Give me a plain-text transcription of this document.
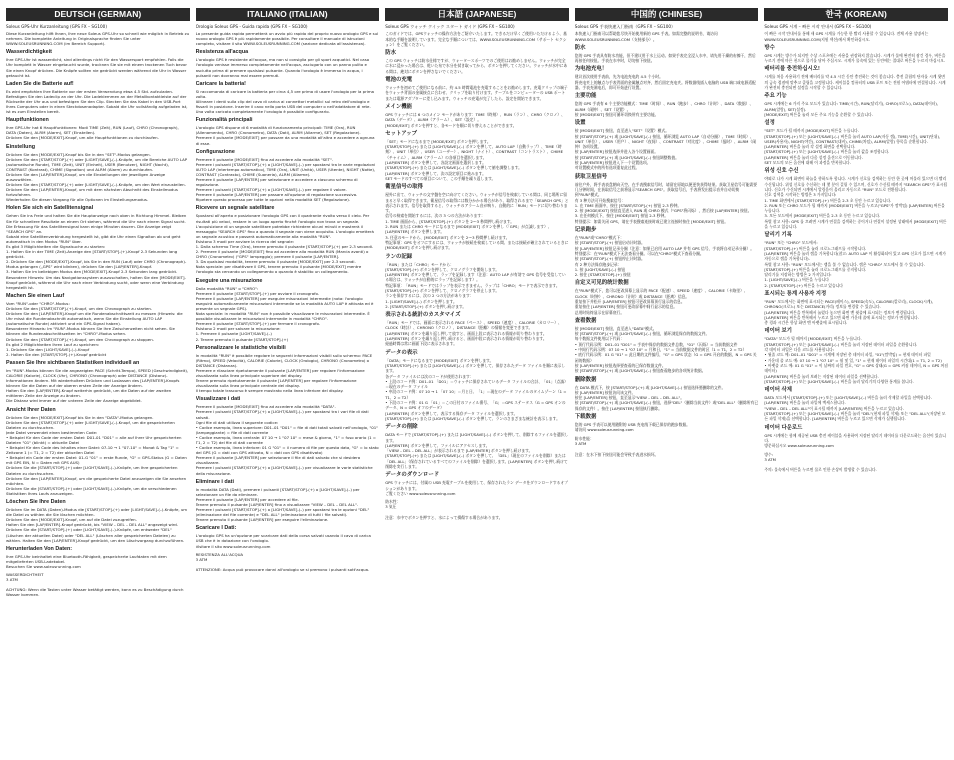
DEUTSCH (GERMAN)
Soleus GPS-Uhr Kurzanleitung (GPS FX – SG100)
Diese Kurzanleitung hilft Ihnen, Ihre neue Soleus GPS-Uhr so schnell wie möglich in Betrieb zu nehmen. Die komplette Anleitung in Originalsprache finden Sie unter WWW.SOLEUSRUNNING.COM (im Bereich Support).
Wasserdichtigkeit
Ihre GPS-Uhr ist wasserdicht, sind allerdings nicht für den Wassersport empfohlen. Falls die Uhr komplett in Wasser eingetaucht wurde, trocknen Sie sie mit einem trockenen Tuch bevor Sie einen Knopf drücken. Die Knöpfe sollten nie gedrückt werden während die Uhr in Wasser getaucht ist.
Laden Sie die Batterie auf!
Es wird empfohlen Ihre Batterie vor der ersten Verwendung etwa 4.5 Std. aufzuladen. Befestigen Sie den Ladeclip an der Uhr. Die Ladeklemmen an der Metallkontaktleiste auf der Rückseite der Uhr aus und befestigen Sie den Clip. Stecken Sie das Kabel in den USB-Port Ihres Computers oder in einen Steckdosenadapter. Sobald die Uhr vollständig aufgeladen ist, ist es zum Einstellen bereit.
Hauptfunktionen
Ihre GPS-Uhr hat 6 Hauptfunktionen: Modi TIME (Zeit), RUN (Lauf), CHRO (Chronograph), DATA (Daten), ALRM (Alarm), SET (Einstellen).
Drücken Sie den [MODE/EXIT]-Knopf, um alle Hauptfunktionen zu durchlaufen.
Einstellung
Drücken Sie den [MODE/EXIT]-Knopf bis Sie in den "SET"-Modus gelangen.
Drücken Sie den [START/STOP]-(+) oder [LIGHT/SAVE]-(–)-Knöpfe, um die Bereiche AUTO LAP (automatische Runde), TIME (Zeit), UNIT (Einheit), USER (Benutzer), NIGHT (Nacht), CONTRAST (Kontrast), CHIME (Signalton) und ALRM (Alarm) zu durchlaufen.
Drücken Sie den [LAP/ENTER]-Knopf, um die Einstellungen der jeweiligen Anzeige auszuwählen.
Drücken Sie den [START/STOP]-(+) oder [LIGHT/SAVE]-(–)-Knöpfe, um den Wert einzustellen.
Drücken Sie den [LAP/ENTER]-Knopf, um mit dem nächsten Abschnitt des Einstellmodus fortzufahren.
Wiederholen Sie diesen Vorgang für alle Optionen im Einstellungsmodus.
Holen Sie sich ein Satellitensignal
Gehen Sie ins Freie und halten Sie die Hauptanzeige nach oben in Richtung Himmel. Bleiben Sie für schnellere Resultate an einem Ort stehen, während die Uhr nach einem Signal sucht. Die Erfassung für das Satellitensignal kann einige Minuten dauern. Die Anzeige zeigt ''SEARCH GPS'' an.
Sobald eine Satellitenverbindung hergestellt ist, gibt die Uhr einen Signalton ab und geht automatisch in den Modus "RUN" über.
Es gibt 3 Möglichkeiten die Signalsuche zu starten:
1. Halten Sie in der TIME (Zeit)-Anzeige den [START/STOP]-(+)-Knopf 2-3 Sekunden lang gedrückt.
2. Drücken Sie den [MODE/EXIT]-Knopf, bis Sie in den RUN (Lauf) oder CHRO (Chronograph)-Modus gelangen („GPS“ wird blinken), drücken Sie den [LAP/ENTER]-Knopf.
3. Halten Sie im beliebigen Modus den [MODE/EXIT]-Knopf 2-3 Sekunden lang gedrückt.
Besondere Hinweis: Um das Navigationssystem auszuschalten, halten Sie den [MODE/EXIT]-Knopf gedrückt, während die Uhr nach einer Verbindung sucht, oder wenn eine Verbindung hergestellt ist.
Machen Sie einen Lauf
Vom "RUN"-oder "CHRO"-Modus:
Drücken Sie den [START/STOP]-(+)-Knopf, um den Chronograph zu starten.
Drücken Sie den [LAP/ENTER]-Knopf um die Rundenabschnittszeit zu messen (Hinweis: die Uhr misst die Rundenabschnitt automatisch, wenn Sie die Einstellung AUTO LAP (automatische Runde) aktiviert und ein GPS-Signal haben).
Besonderer Hinweis: Im "RUN"-Modus können Sie Ihre Zwischenzeiten nicht sehen. Sie können die Rundenabschnittszeiten im "CHRO"-Modus sehen.
Drücken Sie den [START/STOP]-(+)-Knopf, um den Chronograph zu stoppen.
Es gibt 2 Möglichkeiten Ihren Lauf zu speichern:
1. Drücken Sie den [LIGHT/SAVE]-(–)-Knopf
2. Halten Sie den [START/STOP]-(+)-Knopf gedrückt
Passen Sie Ihre sichtbaren Statistiken individuell an
Im "RUN"-Modus können Sie die angezeigten PACE (Schritt-Tempo), SPEED (Geschwindigkeit), CALORIE (Kalorie), CLOCK (Uhr), CHRONO (Chronograph) oder DISTANCE (Distanz)-Informationen ändern. Mit wiederholtem Drücken und Loslassen des [LAP/ENTER]-Knopfs können Sie die Daten auf der oberen ersten Zeile der Anzeige ändern.
Halten Sie den [LAP/ENTER]-Knopf weiterhin gedrückt, um die Daten auf der zweiten mittleren Zeile der Anzeige zu ändern.
Die Distanz wird immer auf der unteren Zeile der Anzeige abgebildet.
Ansicht Ihrer Daten
Drücken Sie den [MODE/EXIT]-Knopf bis Sie in den "DATA"-Modus gelangen.
Drücken Sie den [START/STOP]-(+) oder [LIGHT/SAVE]-(–)-Knopf, um die gespeicherten Dateien zu durchsuchen.
Jede Datei verwendet einen bestimmten Code:
• Beispiel für den Code der ersten Datei: D01-01 "D01" = alle auf Ihrer Uhr gespeicherten Dateien "01" (blinkt) = aktuelle Datei
• Beispiel für den Code des Inhaltes einer Datei: 07-10 → 1 "07-10" = Monat & Tag "1" = Zeitzone 1 (= T1, 2 = T2) der aktuellen Datei
• Beispiel ein Code der ersten Datei: 01-G "01" = erste Runde, "G" = GPS-Status (G = Daten mit GPS EIN, N = Daten mit GPS AUS)
Drücken Sie die [START/STOP]-(+) oder [LIGHT/SAVE]-(–)-Knöpfe, um Ihre gespeicherten Dateien zu durchsuchen.
Drücken Sie den [LAP/ENTER]-Knopf, um die gespeicherte Datei anzuzeigen die Sie ansehen möchten.
Drücken Sie die [START/STOP]-(+) oder [LIGHT/SAVE]-(–)-Knöpfe, um die verschiedenen Statistiken Ihres Laufs anzuzeigen.
Löschen Sie Ihre Daten
Drücken Sie im DATA (Daten)-Modus die [START/STOP]-(+) oder [LIGHT/SAVE]-(–)-Knöpfe, um die Datei zu wählen die Sie löschen möchten.
Drücken Sie den [MODE/EXIT]-Knopf, um auf die Datei zuzugreifen.
Halten Sie den [LAP/ENTER]-Knopf gedrückt, bis "VIEW – DEL – DEL ALL" angezeigt wird.
Drücken Sie die [START/STOP]-(+) oder [LIGHT/SAVE]-(–)-Knöpfe, um entweder "DEL" (Löschen der aktuellen Datei) oder "DEL ALL" (Löschen aller gespeicherten Dateien) zu wählen. Halten Sie den [LAP/ENTER]-Knopf gedrückt, um den Löschvorgang durchzuführen.
Herunterladen Von Daten:
Ihre GPS-Uhr beinhaltet eine Bluetooth-Fähigkeit, gespeicherte Laufdaten mit dem mitgelieferten USB-Ladekabel.
Besuchen Sie www.soleusrunning.com
WASSERDICHTHEIT
3 ATM

ACHTUNG: Wenn die Tasten unter Wasser betätigt werden, kann es zu Beschädigung durch Wasser kommen.
ITALIANO (ITALIAN)
Orologio Soleus GPS - Guida rapida (GPS FX – SG100)
La presente guida rapida permetterà un avvio più rapido del proprio nuovo orologio GPS e sul nuovo orologio GPS è più rapidamente possibile. Per consultare il manuale di istruzioni completo, visitare il sito WWW.SOLEUSRUNNING.COM (sezione dedicata all'assistenza).
Resistenza all'acqua
L'orologio GPS è resistente all'acqua, ma non si consiglia per gli sport acquatici. Nel caso l'orologio venisse immerso completamente nell'acqua, asciugarlo con un panno pulito e asciutto prima di premere qualsiasi pulsante. Quando l'orologio è immerso in acqua, i pulsanti non dovranno mai essere premuti.
Caricare la batteria!
Si raccomanda di caricare la batteria per circa 4,5 ore prima di usare l'orologio per la prima volta.
Allineare i denti sulla clip del cavo di carica ai connettori metallici sul retro dell'orologio e fissarli in posizione. Inserire il cavo nella porta USB del computer o nell'adattatore di rete. Una volta caricato completamente l'orologio è possibile configurarlo.
Funzionalità principali
L'orologio GPS dispone di 6 modalità di funzionamento principali: TIME (Ora), RUN (Allenamento), CHRO (Cronometro), DATA (Dati), ALRM (Allarme), SET (Regolazione).
Premere il pulsante [MODE/EXIT] per passare da una modalità all'altra e accedere a ognuna di esse.
Configurazione
Premere il pulsante [MODE/EXIT] fino ad accedere alla modalità "SET".
Premere i pulsanti [START/STOP]-(+) o [LIGHT/SAVE]-(–) per spostarsi tra le varie regolazioni AUTO LAP (intertempo automatico), TIME (Ora), UNIT (Unità), USER (Utente), NIGHT (Notte), CONTRAST (Contrasto), CHIME (Suoneria), ALRM (Allarme).
Premere il pulsante [LAP/ENTER] per selezionare e accedere a ciascuno schermo di regolazione.
Premere i pulsanti [START/STOP]-(+) o [LIGHT/SAVE]-(–) per regolare il valore.
Premere il pulsante [LAP/ENTER] per passare all'opzione di regolazione successiva.
Ripetere questo processo per tutte le opzioni nella modalità SET (Regolazione).
Ricevere un segnale satellitare
Spostarsi all'aperto e posizionare l'orologio GPS con il quadrante rivolto verso il cielo. Per risultati più veloci, restare in un luogo aperto finché l'orologio non trova un segnale. L'acquisizione di un segnale satellitare potrebbe richiedere alcuni minuti e mostrerà il messaggio "SEARCH GPS" fino a quando il segnale non viene acquisito. L'orologio emetterà un segnale acustico e passerà automaticamente alla modalità "RUN".
Esistono 3 modi per avviare la ricerca del segnale:
1. Dalla schermo Time (Ora), tenere premuto il pulsante [START/STOP]-(+) per 2-3 secondi.
2. Premere il pulsante [MODE/EXIT] fino ad accedere alla modalità RUN (Marcia avanti) o CHRO (Cronometro) ("GPS" lampeggia); premere il pulsante [LAP/ENTER].
3. Da qualsiasi modalità, tenere premuto il pulsante [MODE/EXIT] per 2-3 secondi.
Nota speciale: per disattivare il GPS, tenere premuto il pulsante [MODE/EXIT] mentre l'orologio sta cercando un collegamento o quando è stabilito un collegamento.
Eseguire una misurazione
Dalla modalità "RUN" o "CHRO":
Premere il pulsante [START/STOP]-(+) per avviare il cronografo.
Premere il pulsante [LAP/ENTER] per eseguire misurazioni intermedie (nota: l'orologio eseguirà automaticamente misurazioni intermedie se la modalità AUTO LAP è attivata ed è presente un segnale GPS).
Nota speciale: in modalità "RUN" non è possibile visualizzare le misurazioni intermedie. È possibile visualizzare le misurazioni intermedie in modalità "CHRO".
Premere il pulsante [START/STOP]-(+) per fermare il cronografo.
Esistono 2 modi per salvare la misurazione:
1. Premere il pulsante [LIGHT/SAVE]-(–)
2. Tenere premuto il pulsante [START/STOP]-(+)
Personalizzare le statistiche visibili
In modalità "RUN" è possibile regolare le seguenti informazioni visibili sullo schermo: PACE (Ritmo), SPEED (Velocità), CALORIE (Calorie), CLOCK (Orologio), CHRONO (Cronometro) o DISTANCE (Distanza).
Premere e rilasciare ripetutamente il pulsante [LAP/ENTER] per regolare l'informazione visualizzata sulla linea principale superiore del display.
Tenere premuto ripetutamente il pulsante [LAP/ENTER] per regolare l'informazione visualizzata sulla linea principale centrale del display.
Il tempo totale trascorso è sempre mostrato nella linea inferiore del display.
Visualizzare i dati
Premere il pulsante [MODE/EXIT] fino ad accedere alla modalità "DATA".
Premere i pulsanti [START/STOP]-(+) o [LIGHT/SAVE]-(–) per spostarsi tra i vari file di dati salvati.
Ogni file di dati utilizza il seguente codice:
• Codice esempio, linea superiore: D01–01 "D01" = file di dati totali salvati nell'orologio, "01" (lampeggiante) = file di dati corrente
• Codice esempio, linea centrale: 07 10 → 1 "07 10" = mese & giorno, "1" = fuso orario (1 = T1, 2 = T2) del file di dati corrente
• Codice esempio, linea inferiore: 01 G "01" = il numero di file per questa data, "G" = lo stato del GPS (G = dati con GPS attivato, N = dati con GPS disattivato)
Premere il pulsante [LAP/ENTER] per selezionare il file di dati salvato che si desidera visualizzare.
Premere i pulsanti [START/STOP]-(+) o [LIGHT/SAVE]-(–) per visualizzare le varie statistiche della misurazione.
Eliminare i dati
In modalità DATA (Dati), premere i pulsanti [START/STOP]-(+) o [LIGHT/SAVE]-(–) per selezionare un file da eliminare.
Premere il pulsante [LAP/ENTER] per accedere al file.
Tenere premuto il pulsante [LAP/ENTER] fino a visualizzare "VIEW – DEL – DEL ALL".
Premere i pulsanti [START/STOP]-(+) o [LIGHT/SAVE]-(–) per spostarsi tra le opzioni "DEL" (eliminazione del file corrente) e "DEL ALL" (eliminazione di tutti i file salvati).
Tenere premuto il pulsante [LAP/ENTER] per eseguire l'eliminazione.
Scaricare I Dati:
L'orologio GPS ha un'opzione per scaricare dati della corsa salvati usando il cavo di carica USB che è in dotazione con l'orologio.
Visitare il sito www.soleusrunning.com
RESISTENZA ALL'ACQUA
3 ATM

ATTENZIONE: Acqua può provocare danni all'orologio se si premono i pulsanti sott'acqua.
日本語 (JAPANESE)
Soleus GPS ウォッチ クイック スタート ガイド (GPS FX – SG100)
このガイドでは、GPSウォッチの操作方法をご紹介いたします。できるだけ早くご使用いただけるよう、基本的な手順を説明しています。完全な手順については、WWW.SOLEUSRUNNING.COM（サポート セクション）をご覧ください。
防水
この GPS ウォッチは防水仕様ですが、ウォータースポーツでのご使用はお勧めしません。ウォッチが完全に水に浸かった場合は、乾いた布で水分を拭き取ってから、ボタンを押してください。ウォッチが水中にある間は、絶対にボタンを押さないでください。
電池の充電
ウォッチを初めてご使用になる前に、約 4.5 時間電池を充電することをお勧めします。充電クリップの端子をウォッチ背面の金属接点に合わせ、クリップを取り付けます。ケーブルをコンピューターの USB ポートまたは電源アダプターに差し込みます。ウォッチの充電が完了したら、設定を開始できます。
メイン機能
GPS ウォッチには 6 つのメイン モードがあります：TIME（時刻）、RUN（ラン）、CHRO（クロノ）、DATA（データ）、ALRM（アラーム）、SET（設定）。
[MODE/EXIT] ボタンを押すと、各モードを順に切り替えることができます。
セットアップ
「SET」モードになるまで [MODE/EXIT] ボタンを押します。
[START/STOP]-(+) または [LIGHT/SAVE]-(–) ボタンを押して、AUTO LAP（自動ラップ）、TIME（時刻）、UNIT（単位）、USER（ユーザー）、NIGHT（ナイト）、CONTRAST（コントラスト）、CHIME（チャイム）、ALRM（アラーム）の各項目を選択します。
[LAP/ENTER] ボタンを押して、各設定画面を選択します。
[START/STOP]-(+) または [LIGHT/SAVE]-(–) ボタンを押して値を調整します。
[LAP/ENTER] ボタンを押して、次の設定項目に進みます。
SET モードのすべての項目について、この手順を繰り返します。
衛星信号の取得
屋外に出て、ウォッチの文字盤を空に向けてください。ウォッチが信号を検索している間は、同じ場所に留まると早く取得できます。衛星信号の取得には数分かかる場合があり、取得されるまで「SEARCH GPS」と表示されます。信号を取得すると、ウォッチのアラーム音が鳴り、自動的に「RUN」モードに切り替わります。
信号の検索を開始するには、次の 3 つの方法があります：
1. TIME 画面から、[START/STOP]-(+) ボタンを 2〜3 秒間押し続けます。
2. RUN または CHRO モードになるまで [MODE/EXIT] ボタンを押し（「GPS」が点滅します）、[LAP/ENTER] ボタンを押します。
3. 任意のモードから、[MODE/EXIT] ボタンを 2〜3 秒間押し続けます。
特記事項：GPS をオフにするには、ウォッチが接続を検索している間、または接続が確立されているときに [MODE/EXIT] ボタンを押し続けます。
ランの記録
「RUN」または「CHRO」モードから：
[START/STOP]-(+) ボタンを押して、クロノグラフを開始します。
[LAP/ENTER] ボタンを押して、ラップを記録します（注意：AUTO LAP が有効で GPS 信号を受信している場合は、ウォッチが自動的にラップを記録します）。
特記事項：「RUN」モードではラップを表示できません。ラップは「CHRO」モードで表示できます。
[START/STOP]-(+) ボタンを押して、クロノグラフを停止します。
ランを保存するには、次の 2 つの方法があります：
1. [LIGHT/SAVE]-(–) ボタンを押します。
2. [START/STOP]-(+) ボタンを押し続けます。
表示される統計のカスタマイズ
「RUN」モードでは、画面に表示される PACE（ペース）、SPEED（速度）、CALORIE（カロリー）、CLOCK（時計）、CHRONO（クロノ）、DISTANCE（距離）の情報を変更できます。
[LAP/ENTER] ボタンを繰り返し押して放すと、画面上段に表示される情報が切り替わります。
[LAP/ENTER] ボタンを繰り返し押し続けると、画面中段に表示される情報が切り替わります。
経過時間は常に画面下段に表示されます。
データの表示
「DATA」モードになるまで [MODE/EXIT] ボタンを押します。
[START/STOP]-(+) または [LIGHT/SAVE]-(–) ボタンを押して、保存されたデータ ファイルを順に表示します。
各データ ファイルには次のコードが使用されます：
• 上段のコード例：D01–01 「D01」＝ウォッチに保存されているデータ ファイルの合計、「01」（点滅）＝現在のデータ ファイル
• 中段のコード例：07 10 → 1 「07 10」＝月と日、「1」＝現在のデータ ファイルのタイムゾーン（1 = T1、2 = T2）
• 下段のコード例：01 G 「01」＝この日付のファイル番号、「G」＝GPS ステータス（G = GPS オンのデータ、N = GPS オフのデータ）
[LAP/ENTER] ボタンを押して、表示する保存データ ファイルを選択します。
[START/STOP]-(+) または [LIGHT/SAVE]-(–) ボタンを押して、ランのさまざまな統計を表示します。
データの削除
DATA モードで [START/STOP]-(+) または [LIGHT/SAVE]-(–) ボタンを押して、削除するファイルを選択します。
[LAP/ENTER] ボタンを押して、ファイルにアクセスします。
「VIEW – DEL – DEL ALL」が表示されるまで [LAP/ENTER] ボタンを押し続けます。
[START/STOP]-(+) または [LIGHT/SAVE]-(–) ボタンを押して、「DEL」（現在のファイルを削除）または「DEL ALL」（保存されているすべてのファイルを削除）を選択します。[LAP/ENTER] ボタンを押し続けて削除を実行します。
データのダウンロード
GPS ウォッチには、付属の USB 充電ケーブルを使用して、保存されたラン データをダウンロードするオプションがあります。
ご覧ください www.soleusrunning.com
防水性：
3 気圧

注意：水中でボタンを押すと、水によって損傷する場合があります。
中国的 (CHINESE)
Soleus GPS 手表快速入门指南（GPS FX – SG100）
本快速入门指南可以帮助您尽快开始使用新的 GPS 手表。如需完整的说明书，请访问 WWW.SOLEUSRUNNING.COM（支持部分）。
防水
您的 GPS 手表具有防水功能，但不建议用于水上运动。如果手表完全浸入水中，请先用干燥的布擦干，然后再按任何按钮。手表在水中时，切勿按下按钮。
为电池充电！
建议首次使用手表前，先为电池充电约 4.5 个小时。
将充电夹上的触点与手表背面的金属触点对齐，然后固定充电夹。将数据线插入电脑的 USB 端口或电源适配器。手表充满电后，即可开始进行设置。
主要功能
您的 GPS 手表有 6 个主要功能模式：TIME（时间）、RUN（跑步）、CHRO（计时）、DATA（数据）、ALRM（闹钟）、SET（设置）。
按 [MODE/EXIT] 按钮可循环切换所有主要功能。
设置
按 [MODE/EXIT] 按钮，直至进入"SET"（设置）模式。
按 [START/STOP]-(+) 或 [LIGHT/SAVE]-(–) 按钮，循环浏览 AUTO LAP（自动分圈）、TIME（时间）、UNIT（单位）、USER（用户）、NIGHT（夜间）、CONTRAST（对比度）、CHIME（报时）、ALRM（闹钟）各项设置。
按 [LAP/ENTER] 按钮选择并进入各个设置画面。
按 [START/STOP]-(+) 或 [LIGHT/SAVE]-(–) 按钮调整数值。
按 [LAP/ENTER] 按钮进入下一个设置选项。
对设置模式中的所有选项重复此过程。
获取卫星信号
前往户外，将手表表盘朝向天空。在手表搜索信号时，请留在原地以便更快获得结果。获取卫星信号可能需要几分钟时间，在获取信号之前将显示"SEARCH GPS"。获取信号后，手表将发出提示音并自动切换到"RUN"模式。
有 3 种方法可开始搜索信号：
1. 在 TIME 画面中，按住 [START/STOP]-(+) 按钮 2-3 秒钟。
2. 按 [MODE/EXIT] 按钮直至进入 RUN 或 CHRO 模式（"GPS"将闪烁），然后按 [LAP/ENTER] 按钮。
3. 在任何模式下，按住 [MODE/EXIT] 按钮 2-3 秒钟。
特别提示：如需关闭 GPS，请在手表搜索连接时或已建立连接时按住 [MODE/EXIT] 按钮。
记录跑步
在"RUN"或"CHRO"模式下：
按 [START/STOP]-(+) 按钮启动计时器。
按 [LAP/ENTER] 按钮记录分圈（注意：如果已启用 AUTO LAP 并有 GPS 信号，手表将自动记录分圈）。
特别提示：在"RUN"模式下无法查看分圈。可以在"CHRO"模式下查看分圈。
按 [START/STOP]-(+) 按钮停止计时器。
有 2 种方法保存跑步记录：
1. 按 [LIGHT/SAVE]-(–) 按钮
2. 按住 [START/STOP]-(+) 按钮
自定义可见的统计数据
在"RUN"模式下，您可以更改屏幕上显示的 PACE（配速）、SPEED（速度）、CALORIE（卡路里）、CLOCK（时钟）、CHRONO（计时）或 DISTANCE（距离）信息。
重复按下并松开 [LAP/ENTER] 按钮可更改屏幕顶行显示的信息。
重复按住 [LAP/ENTER] 按钮可更改屏幕中间行显示的信息。
总用时始终显示在屏幕底行。
查看数据
按 [MODE/EXIT] 按钮，直至进入"DATA"模式。
按 [START/STOP]-(+) 或 [LIGHT/SAVE]-(–) 按钮，循环浏览保存的数据文件。
每个数据文件使用以下代码：
• 顶行代码示例：D01–01 "D01" = 手表中保存的数据文件总数，"01"（闪烁）= 当前数据文件
• 中间行代码示例：07 10 → 1 "07 10" = 月和日，"1" = 当前数据文件的时区（1 = T1，2 = T2）
• 底行代码示例：01 G "01" = 此日期的文件编号，"G" = GPS 状态（G = GPS 开启的数据，N = GPS 关闭的数据）
按 [LAP/ENTER] 按钮选择要查看的已保存数据文件。
按 [START/STOP]-(+) 或 [LIGHT/SAVE]-(–) 按钮查看跑步的各项统计数据。
删除数据
在 DATA 模式下，按 [START/STOP]-(+) 或 [LIGHT/SAVE]-(–) 按钮选择要删除的文件。
按 [LAP/ENTER] 按钮访问该文件。
按住 [LAP/ENTER] 按钮，直至显示"VIEW – DEL – DEL ALL"。
按 [START/STOP]-(+) 或 [LIGHT/SAVE]-(–) 按钮，选择"DEL"（删除当前文件）或"DEL ALL"（删除所有已保存的文件）。按住 [LAP/ENTER] 按钮执行删除。
下载数据
您的 GPS 手表可以使用随附的 USB 充电线下载已保存的跑步数据。
请访问 www.soleusrunning.com
防水性能：
3 ATM

注意：在水下按下按钮可能会导致手表进水损坏。
한국 (KOREAN)
Soleus GPS 시계 – 빠른 시작 안내서 (GPS FX – SG100)
이 빠른 시작 안내서를 통해 새 GPS 시계를 가능한 한 빨리 사용할 수 있습니다. 전체 사용 설명서는 WWW.SOLEUSRUNNING.COM(지원 섹션)에서 확인하십시오.
방수
GPS 시계는 방수가 되지만 수상 스포츠에는 사용을 권장하지 않습니다. 시계가 물에 완전히 잠긴 경우, 버튼을 누르기 전에 마른 천으로 물기를 닦아 주십시오. 시계가 물속에 있는 동안에는 절대로 버튼을 누르지 마십시오.
배터리를 충전하십시오!
시계를 처음 사용하기 전에 배터리를 약 4.5 시간 동안 충전하는 것이 좋습니다. 충전 클립의 단자를 시계 뒷면의 금속 접점에 맞추고 클립을 고정합니다. 케이블을 컴퓨터의 USB 포트 또는 전원 어댑터에 연결합니다. 시계가 완전히 충전되면 설정을 시작할 수 있습니다.
주요 기능
GPS 시계에는 6 가지 주요 모드가 있습니다: TIME(시간), RUN(달리기), CHRO(크로노), DATA(데이터), ALRM(알람), SET(설정).
[MODE/EXIT] 버튼을 눌러 모든 주요 기능을 순환할 수 있습니다.
설정
"SET" 모드가 될 때까지 [MODE/EXIT] 버튼을 누릅니다.
[START/STOP]-(+) 또는 [LIGHT/SAVE]-(–) 버튼을 눌러 AUTO LAP(자동 랩), TIME(시간), UNIT(단위), USER(사용자), NIGHT(야간), CONTRAST(대비), CHIME(차임), ALRM(알람) 항목을 순환합니다.
[LAP/ENTER] 버튼을 눌러 각 설정 화면을 선택합니다.
[START/STOP]-(+) 또는 [LIGHT/SAVE]-(–) 버튼을 눌러 값을 조정합니다.
[LAP/ENTER] 버튼을 눌러 다음 설정 옵션으로 이동합니다.
SET 모드의 모든 옵션에 대해 이 과정을 반복합니다.
위성 신호 수신
야외로 나가 시계 화면이 하늘을 향하도록 합니다. 시계가 신호를 검색하는 동안 한 곳에 머물러 있으면 더 빨리 수신됩니다. 위성 신호를 수신하는 데 몇 분이 걸릴 수 있으며, 신호가 수신될 때까지 "SEARCH GPS"가 표시됩니다. 신호가 수신되면 시계에서 알림음이 울리고 자동으로 "RUN" 모드로 전환됩니다.
신호 검색을 시작하는 방법은 3 가지입니다:
1. TIME 화면에서 [START/STOP]-(+) 버튼을 2-3 초 동안 누르고 있습니다.
2. RUN 또는 CHRO 모드가 될 때까지 [MODE/EXIT] 버튼을 누르고("GPS"가 깜박임) [LAP/ENTER] 버튼을 누릅니다.
3. 모든 모드에서 [MODE/EXIT] 버튼을 2-3 초 동안 누르고 있습니다.
특별 참고 사항: GPS 를 끄려면 시계가 연결을 검색하는 중이거나 연결이 설정된 상태에서 [MODE/EXIT] 버튼을 누르고 있습니다.
달리기 기록
"RUN" 또는 "CHRO" 모드에서:
[START/STOP]-(+) 버튼을 눌러 크로노그래프를 시작합니다.
[LAP/ENTER] 버튼을 눌러 랩을 기록합니다(참고: AUTO LAP 이 활성화되어 있고 GPS 신호가 있으면 시계가 자동으로 랩을 기록합니다).
특별 참고 사항: "RUN" 모드에서는 랩을 볼 수 없습니다. 랩은 "CHRO" 모드에서 볼 수 있습니다.
[START/STOP]-(+) 버튼을 눌러 크로노그래프를 중지합니다.
달리기를 저장하는 방법은 2 가지입니다:
1. [LIGHT/SAVE]-(–) 버튼을 누릅니다
2. [START/STOP]-(+) 버튼을 누르고 있습니다
표시되는 통계 사용자 지정
"RUN" 모드에서는 화면에 표시되는 PACE(페이스), SPEED(속도), CALORIE(칼로리), CLOCK(시계), CHRONO(크로노) 또는 DISTANCE(거리) 정보를 변경할 수 있습니다.
[LAP/ENTER] 버튼을 반복해서 눌렀다 놓으면 화면 맨 윗줄에 표시되는 정보가 변경됩니다.
[LAP/ENTER] 버튼을 반복해서 누르고 있으면 화면 가운데 줄에 표시되는 정보가 변경됩니다.
총 경과 시간은 항상 화면 맨 아랫줄에 표시됩니다.
데이터 보기
"DATA" 모드가 될 때까지 [MODE/EXIT] 버튼을 누릅니다.
[START/STOP]-(+) 또는 [LIGHT/SAVE]-(–) 버튼을 눌러 저장된 데이터 파일을 순환합니다.
각 데이터 파일은 다음 코드를 사용합니다:
• 윗줄 코드 예: D01–01 "D01" = 시계에 저장된 총 데이터 파일, "01"(깜박임) = 현재 데이터 파일
• 가운데 줄 코드 예: 07 10 → 1 "07 10" = 월 및 일, "1" = 현재 데이터 파일의 시간대(1 = T1, 2 = T2)
• 아랫줄 코드 예: 01 G "01" = 이 날짜의 파일 번호, "G" = GPS 상태(G = GPS 켜짐 데이터, N = GPS 꺼짐 데이터)
[LAP/ENTER] 버튼을 눌러 보려는 저장된 데이터 파일을 선택합니다.
[START/STOP]-(+) 또는 [LIGHT/SAVE]-(–) 버튼을 눌러 달리기의 다양한 통계를 봅니다.
데이터 삭제
DATA 모드에서 [START/STOP]-(+) 또는 [LIGHT/SAVE]-(–) 버튼을 눌러 삭제할 파일을 선택합니다.
[LAP/ENTER] 버튼을 눌러 파일에 액세스합니다.
"VIEW – DEL – DEL ALL"이 표시될 때까지 [LAP/ENTER] 버튼을 누르고 있습니다.
[START/STOP]-(+) 또는 [LIGHT/SAVE]-(–) 버튼을 눌러 "DEL"(현재 파일 삭제) 또는 "DEL ALL"(저장된 모든 파일 삭제)을 선택합니다. [LAP/ENTER] 버튼을 누르고 있으면 삭제가 실행됩니다.
데이터 다운로드
GPS 시계에는 함께 제공된 USB 충전 케이블을 사용하여 저장된 달리기 데이터를 다운로드하는 옵션이 있습니다.
방문하십시오 www.soleusrunning.com
방수:
3 ATM

주의: 물속에서 버튼을 누르면 물로 인한 손상이 발생할 수 있습니다.
